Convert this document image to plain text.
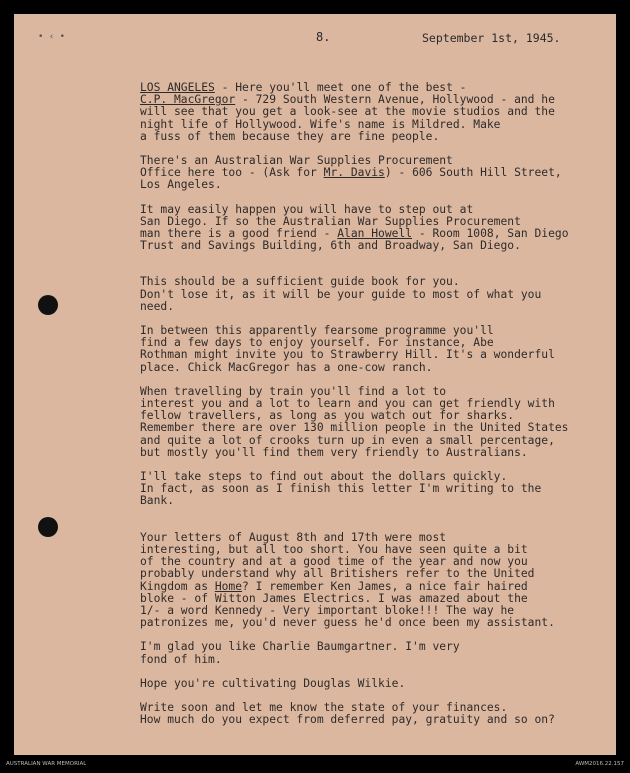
• ‹ •	8.	September 1st, 1945.

LOS ANGELES - Here you'll meet one of the best -
C.P. MacGregor - 729 South Western Avenue, Hollywood - and he
will see that you get a look-see at the movie studios and the
night life of Hollywood. Wife's name is Mildred. Make
a fuss of them because they are fine people.

There's an Australian War Supplies Procurement
Office here too - (Ask for Mr. Davis) - 606 South Hill Street,
Los Angeles.

It may easily happen you will have to step out at
San Diego. If so the Australian War Supplies Procurement
man there is a good friend - Alan Howell - Room 1008, San Diego
Trust and Savings Building, 6th and Broadway, San Diego.

This should be a sufficient guide book for you.
Don't lose it, as it will be your guide to most of what you
need.

In between this apparently fearsome programme you'll
find a few days to enjoy yourself. For instance, Abe
Rothman might invite you to Strawberry Hill. It's a wonderful
place. Chick MacGregor has a one-cow ranch.

When travelling by train you'll find a lot to
interest you and a lot to learn and you can get friendly with
fellow travellers, as long as you watch out for sharks.
Remember there are over 130 million people in the United States
and quite a lot of crooks turn up in even a small percentage,
but mostly you'll find them very friendly to Australians.

I'll take steps to find out about the dollars quickly.
In fact, as soon as I finish this letter I'm writing to the
Bank.

Your letters of August 8th and 17th were most
interesting, but all too short. You have seen quite a bit
of the country and at a good time of the year and now you
probably understand why all Britishers refer to the United
Kingdom as Home? I remember Ken James, a nice fair haired
bloke - of Witton James Electrics. I was amazed about the
1/- a word Kennedy - Very important bloke!!! The way he
patronizes me, you'd never guess he'd once been my assistant.

I'm glad you like Charlie Baumgartner. I'm very
fond of him.

Hope you're cultivating Douglas Wilkie.

Write soon and let me know the state of your finances.
How much do you expect from deferred pay, gratuity and so on?

AUSTRALIAN WAR MEMORIAL	AWM2016.22.157
